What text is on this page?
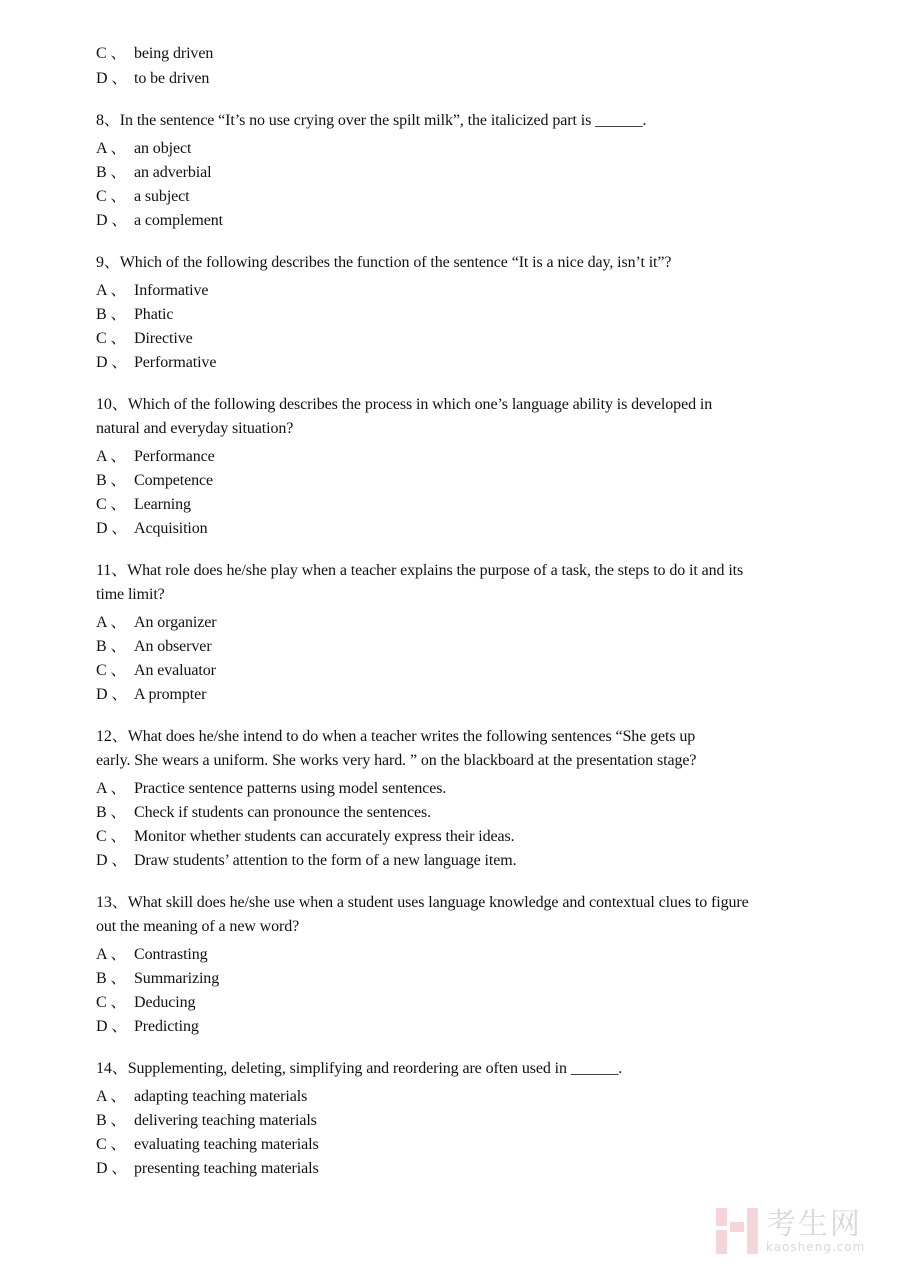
C 、 being driven
D 、 to be driven
8、In the sentence “It’s no use crying over the spilt milk”, the italicized part is ______.
A 、 an object
B 、 an adverbial
C 、 a subject
D 、 a complement
9、Which of the following describes the function of the sentence “It is a nice day, isn’t it”?
A 、 Informative
B 、 Phatic
C 、 Directive
D 、 Performative
10、Which of the following describes the process in which one’s language ability is developed in
natural and everyday situation?
A 、 Performance
B 、 Competence
C 、 Learning
D 、 Acquisition
11、What role does he/she play when a teacher explains the purpose of a task, the steps to do it and its
time limit?
A 、 An organizer
B 、 An observer
C 、 An evaluator
D 、 A prompter
12、What does he/she intend to do when a teacher writes the following sentences “She gets up
early. She wears a uniform. She works very hard. ” on the blackboard at the presentation stage?
A 、 Practice sentence patterns using model sentences.
B 、 Check if students can pronounce the sentences.
C 、 Monitor whether students can accurately express their ideas.
D 、 Draw students’ attention to the form of a new language item.
13、What skill does he/she use when a student uses language knowledge and contextual clues to figure
out the meaning of a new word?
A 、 Contrasting
B 、 Summarizing
C 、 Deducing
D 、 Predicting
14、Supplementing, deleting, simplifying and reordering are often used in ______.
A 、 adapting teaching materials
B 、 delivering teaching materials
C 、 evaluating teaching materials
D 、 presenting teaching materials
考生网
kaosheng.com
